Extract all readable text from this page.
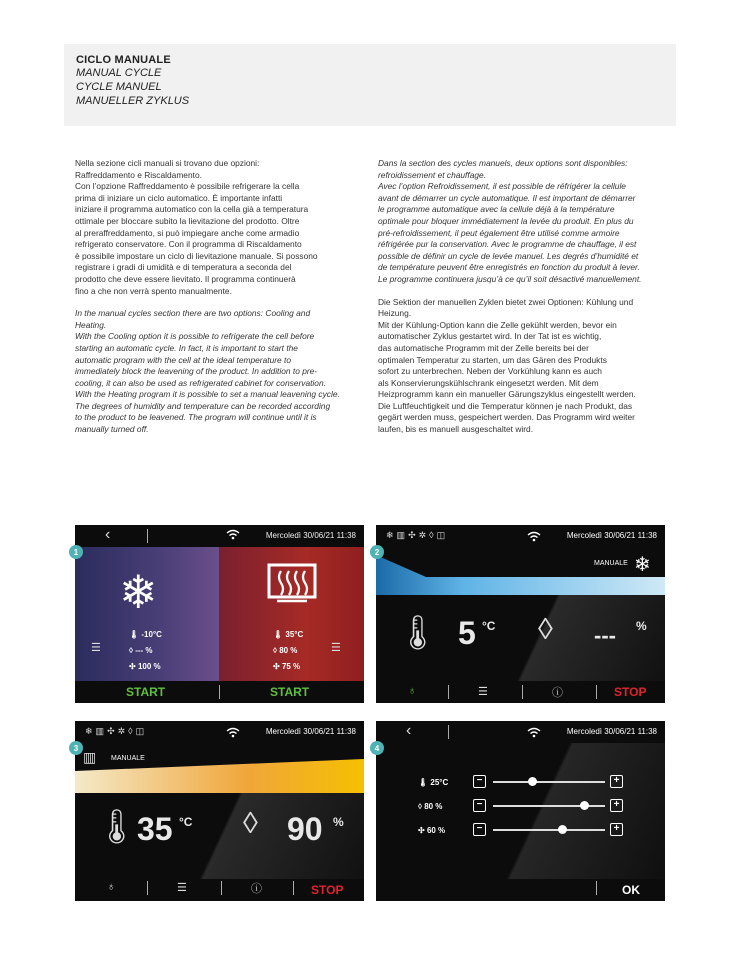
CICLO MANUALE
MANUAL CYCLE
CYCLE MANUEL
MANUELLER ZYKLUS

Nella sezione cicli manuali si trovano due opzioni:
Raffreddamento e Riscaldamento.
Con l’opzione Raffreddamento è possibile refrigerare la cella
prima di iniziare un ciclo automatico. È importante infatti
iniziare il programma automatico con la cella già a temperatura
ottimale per bloccare subito la lievitazione del prodotto. Oltre
al preraffreddamento, si può impiegare anche come armadio
refrigerato conservatore. Con il programma di Riscaldamento
è possibile impostare un ciclo di lievitazione manuale. Si possono
registrare i gradi di umidità e di temperatura a seconda del
prodotto che deve essere lievitato. Il programma continuerà
fino a che non verrà spento manualmente.

In the manual cycles section there are two options: Cooling and
Heating.
With the Cooling option it is possible to refrigerate the cell before
starting an automatic cycle. In fact, it is important to start the
automatic program with the cell at the ideal temperature to
immediately block the leavening of the product. In addition to pre-
cooling, it can also be used as refrigerated cabinet for conservation.
With the Heating program it is possible to set a manual leavening cycle.
The degrees of humidity and temperature can be recorded according
to the product to be leavened. The program will continue until it is
manually turned off.

Dans la section des cycles manuels, deux options sont disponibles:
refroidissement et chauffage.
Avec l’option Refroidissement, il est possible de réfrigérer la cellule
avant de démarrer un cycle automatique. Il est important de démarrer
le programme automatique avec la cellule déjà à la température
optimale pour bloquer immédiatement la levée du produit. En plus du
pré-refroidissement, il peut également être utilisé comme armoire
réfrigérée pur la conservation. Avec le programme de chauffage, il est
possible de définir un cycle de levée manuel. Les degrés d’humidité et
de température peuvent être enregistrés en fonction du produit à lever.
Le programme continuera jusqu’à ce qu’il soit désactivé manuellement.

Die Sektion der manuellen Zyklen bietet zwei Optionen: Kühlung und
Heizung.
Mit der Kühlung-Option kann die Zelle gekühlt werden, bevor ein
automatischer Zyklus gestartet wird. In der Tat ist es wichtig,
das automatische Programm mit der Zelle bereits bei der
optimalen Temperatur zu starten, um das Gären des Produkts
sofort zu unterbrechen. Neben der Vorkühlung kann es auch
als Konservierungskühlschrank eingesetzt werden. Mit dem
Heizprogramm kann ein manueller Gärungszyklus eingestellt werden.
Die Luftfeuchtigkeit und die Temperatur können je nach Produkt, das
gegärt werden muss, gespeichert werden. Das Programm wird weiter
laufen, bis es manuell ausgeschaltet wird.

1	2
3	4
‹	Mercoledì 30/06/21 11:38
❄
☰
🌡︎ -10°C
◊ --- %
✣ 100 %
🌡︎ 35°C
◊ 80 %
✣ 75 %
☰
START	START
❄▥✣✲◊◫	Mercoledì 30/06/21 11:38
MANUALE ❄
🌡︎ 5 °C ◊ --- %
♁	☰	ⓘ	STOP
❄▥✣✲◊◫	Mercoledì 30/06/21 11:38
▥ MANUALE
🌡︎
35 °C ◊ 90 %
♁	☰	ⓘ	STOP
‹	Mercoledì 30/06/21 11:38
🌡︎ 25°C	−	+
◊ 80 %	−	+
✣ 60 %	−	+
OK
